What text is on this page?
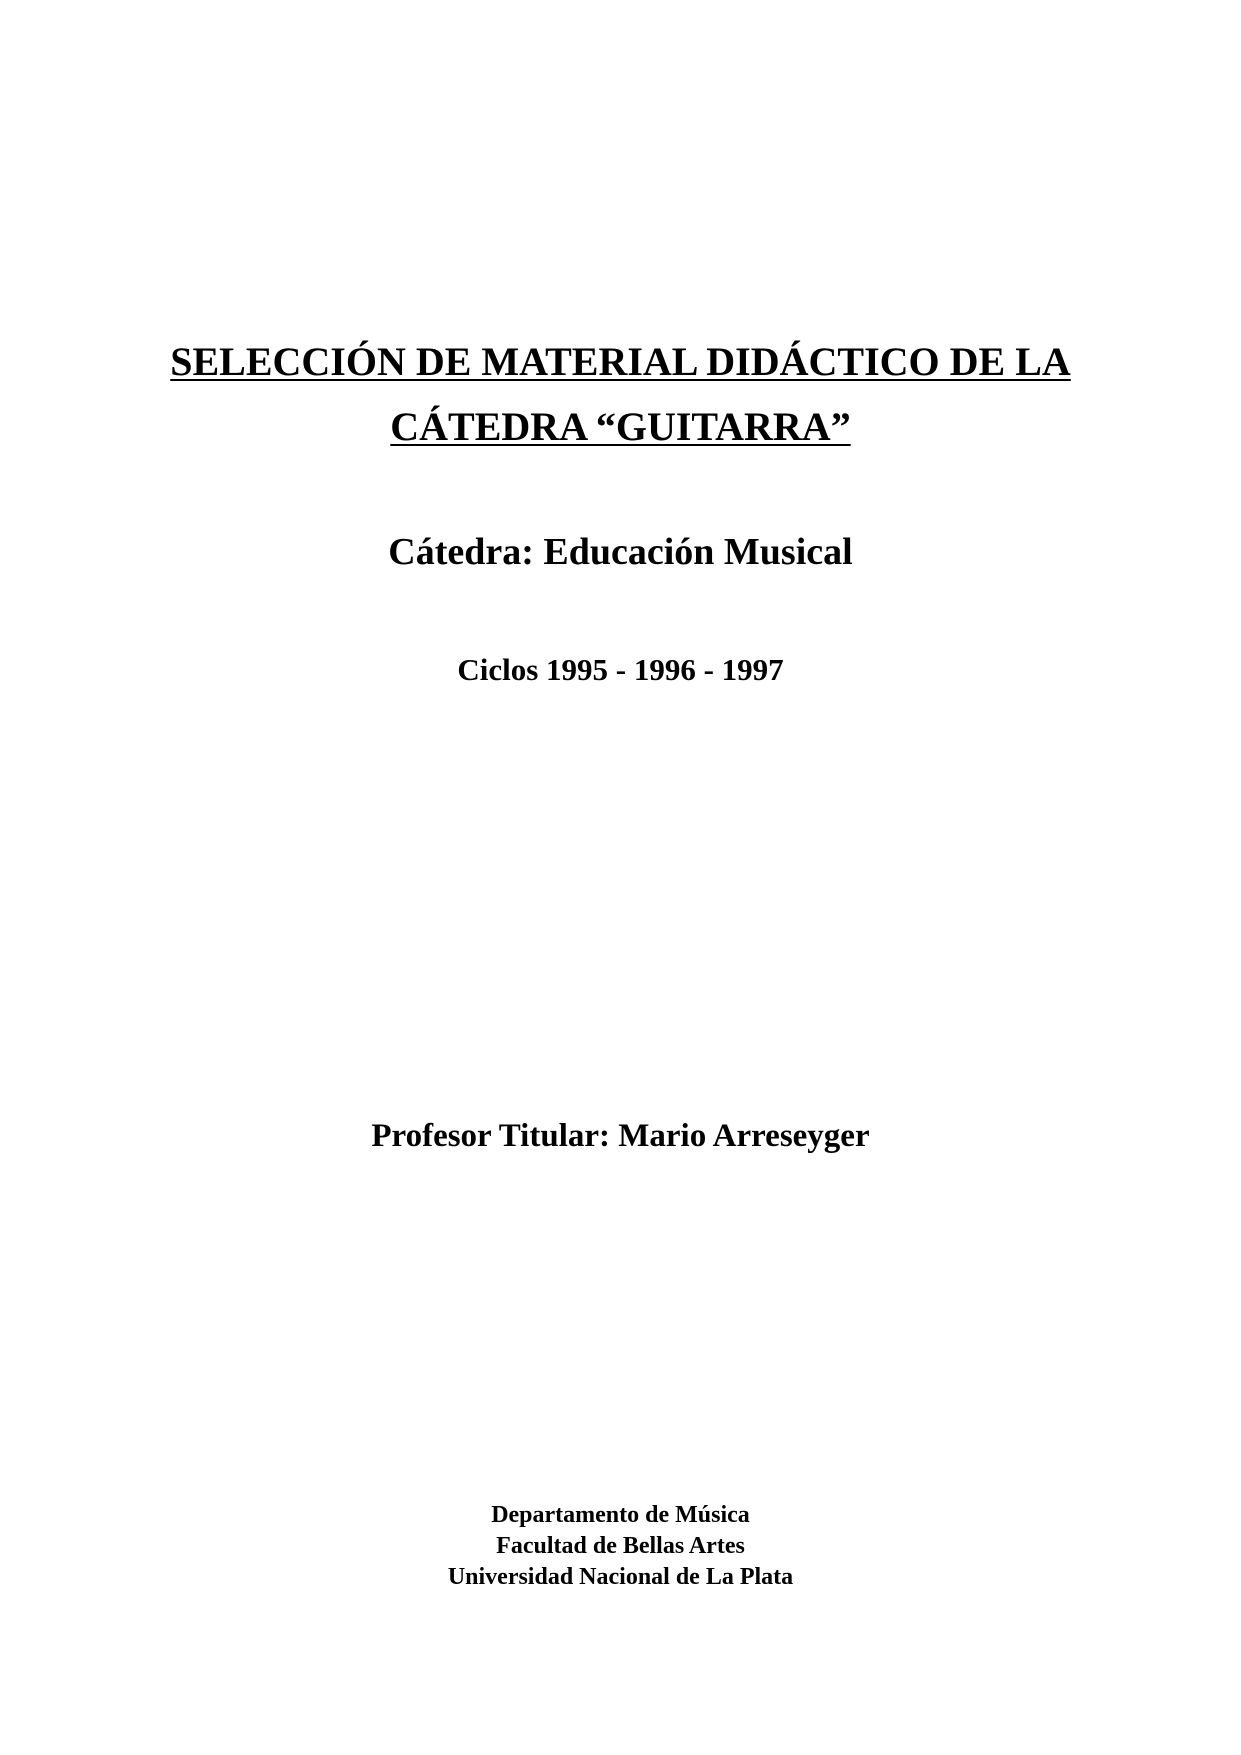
SELECCIÓN DE MATERIAL DIDÁCTICO DE LA
CÁTEDRA “GUITARRA”
Cátedra: Educación Musical
Ciclos 1995 - 1996 - 1997
Profesor Titular: Mario Arreseyger
Departamento de Música
Facultad de Bellas Artes
Universidad Nacional de La Plata
